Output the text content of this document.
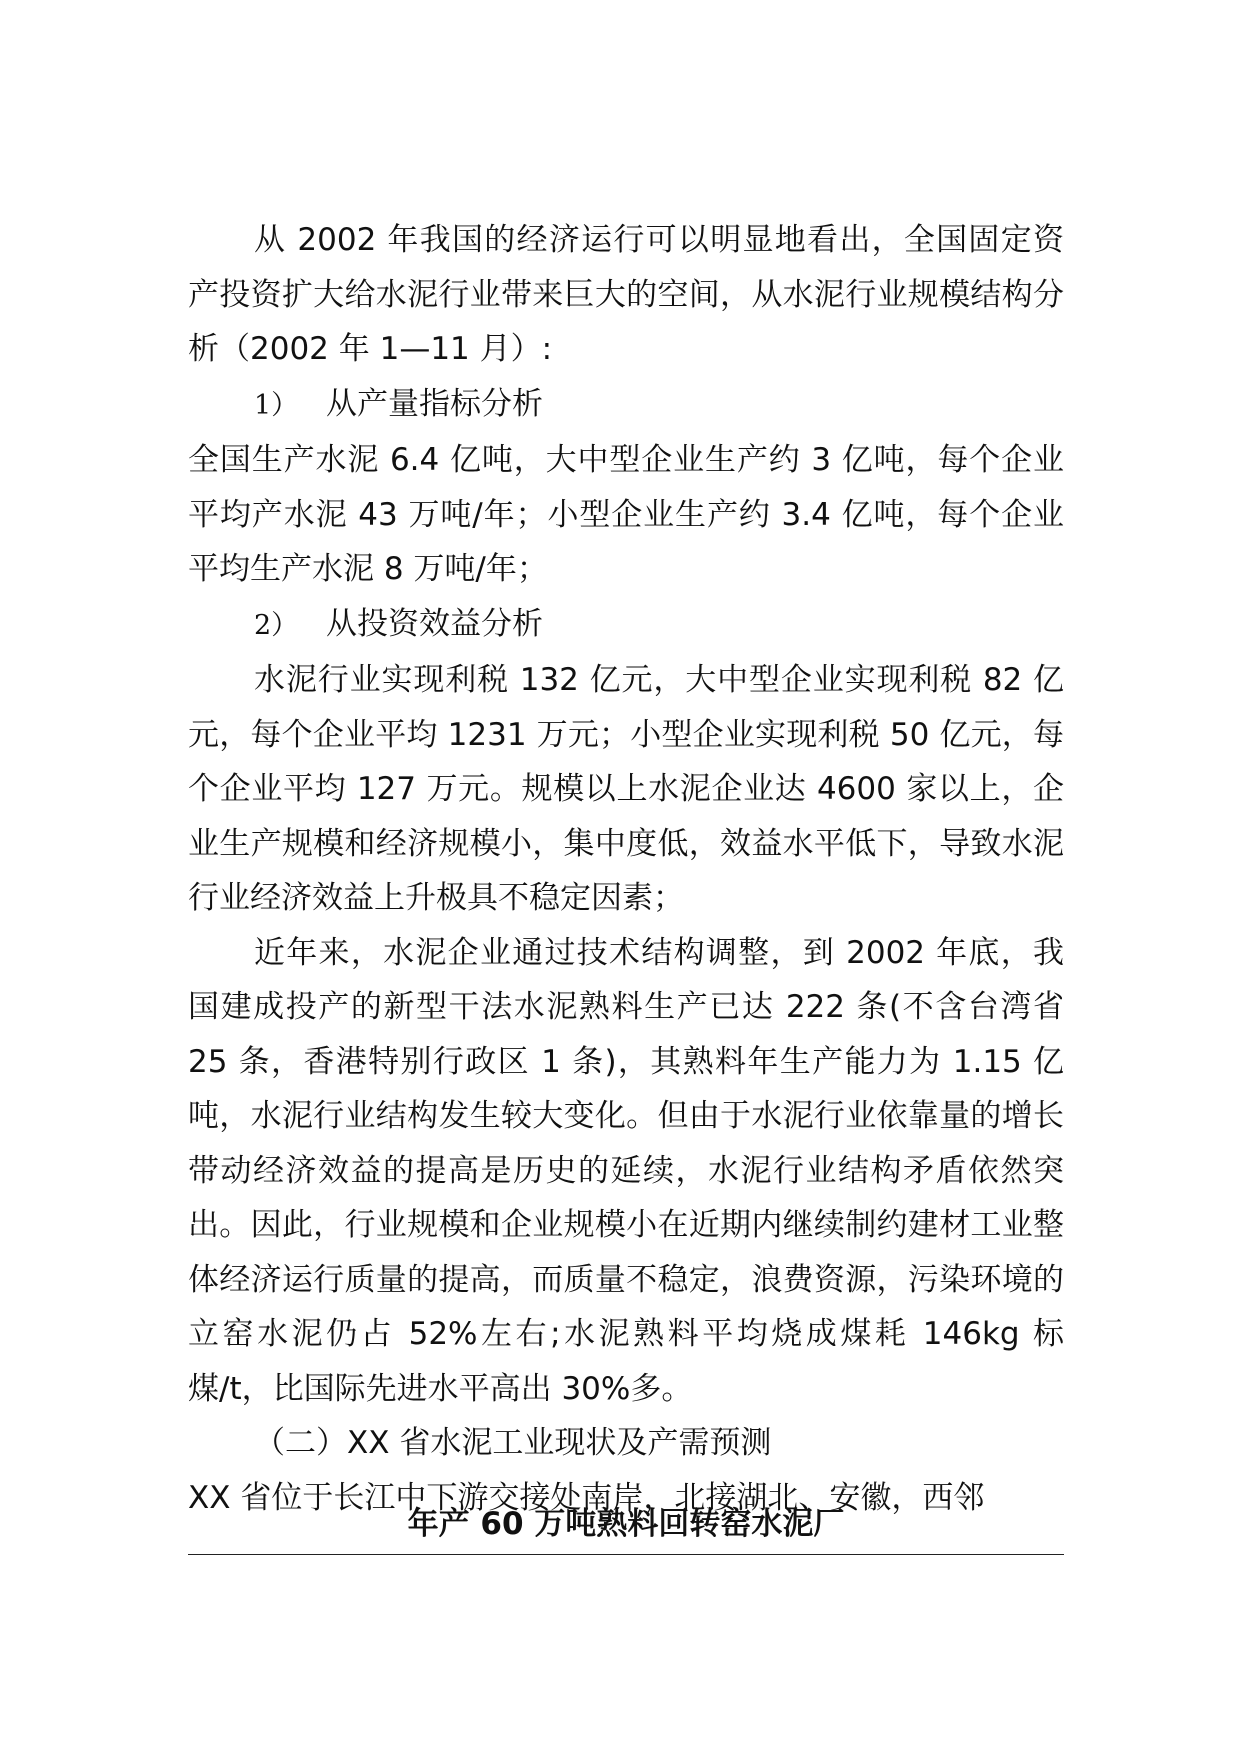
从 2002 年我国的经济运行可以明显地看出，全国固定资产投资扩大给水泥行业带来巨大的空间，从水泥行业规模结构分析（2002 年 1—11 月）:

1） 从产量指标分析

全国生产水泥 6.4 亿吨，大中型企业生产约 3 亿吨，每个企业平均产水泥 43 万吨/年；小型企业生产约 3.4 亿吨，每个企业平均生产水泥 8 万吨/年；

2） 从投资效益分析

水泥行业实现利税 132 亿元，大中型企业实现利税 82 亿元，每个企业平均 1231 万元；小型企业实现利税 50 亿元，每个企业平均 127 万元。规模以上水泥企业达 4600 家以上，企业生产规模和经济规模小，集中度低，效益水平低下，导致水泥行业经济效益上升极具不稳定因素；

近年来，水泥企业通过技术结构调整，到 2002 年底，我国建成投产的新型干法水泥熟料生产已达 222 条(不含台湾省 25 条，香港特别行政区 1 条)，其熟料年生产能力为 1.15 亿吨，水泥行业结构发生较大变化。但由于水泥行业依靠量的增长带动经济效益的提高是历史的延续，水泥行业结构矛盾依然突出。因此，行业规模和企业规模小在近期内继续制约建材工业整体经济运行质量的提高，而质量不稳定，浪费资源，污染环境的立窑水泥仍占 52%左右;水泥熟料平均烧成煤耗 146kg 标煤/t，比国际先进水平高出 30%多。

（二）XX 省水泥工业现状及产需预测

XX 省位于长江中下游交接处南岸，北接湖北、安徽，西邻

年产 60 万吨熟料回转窑水泥厂
